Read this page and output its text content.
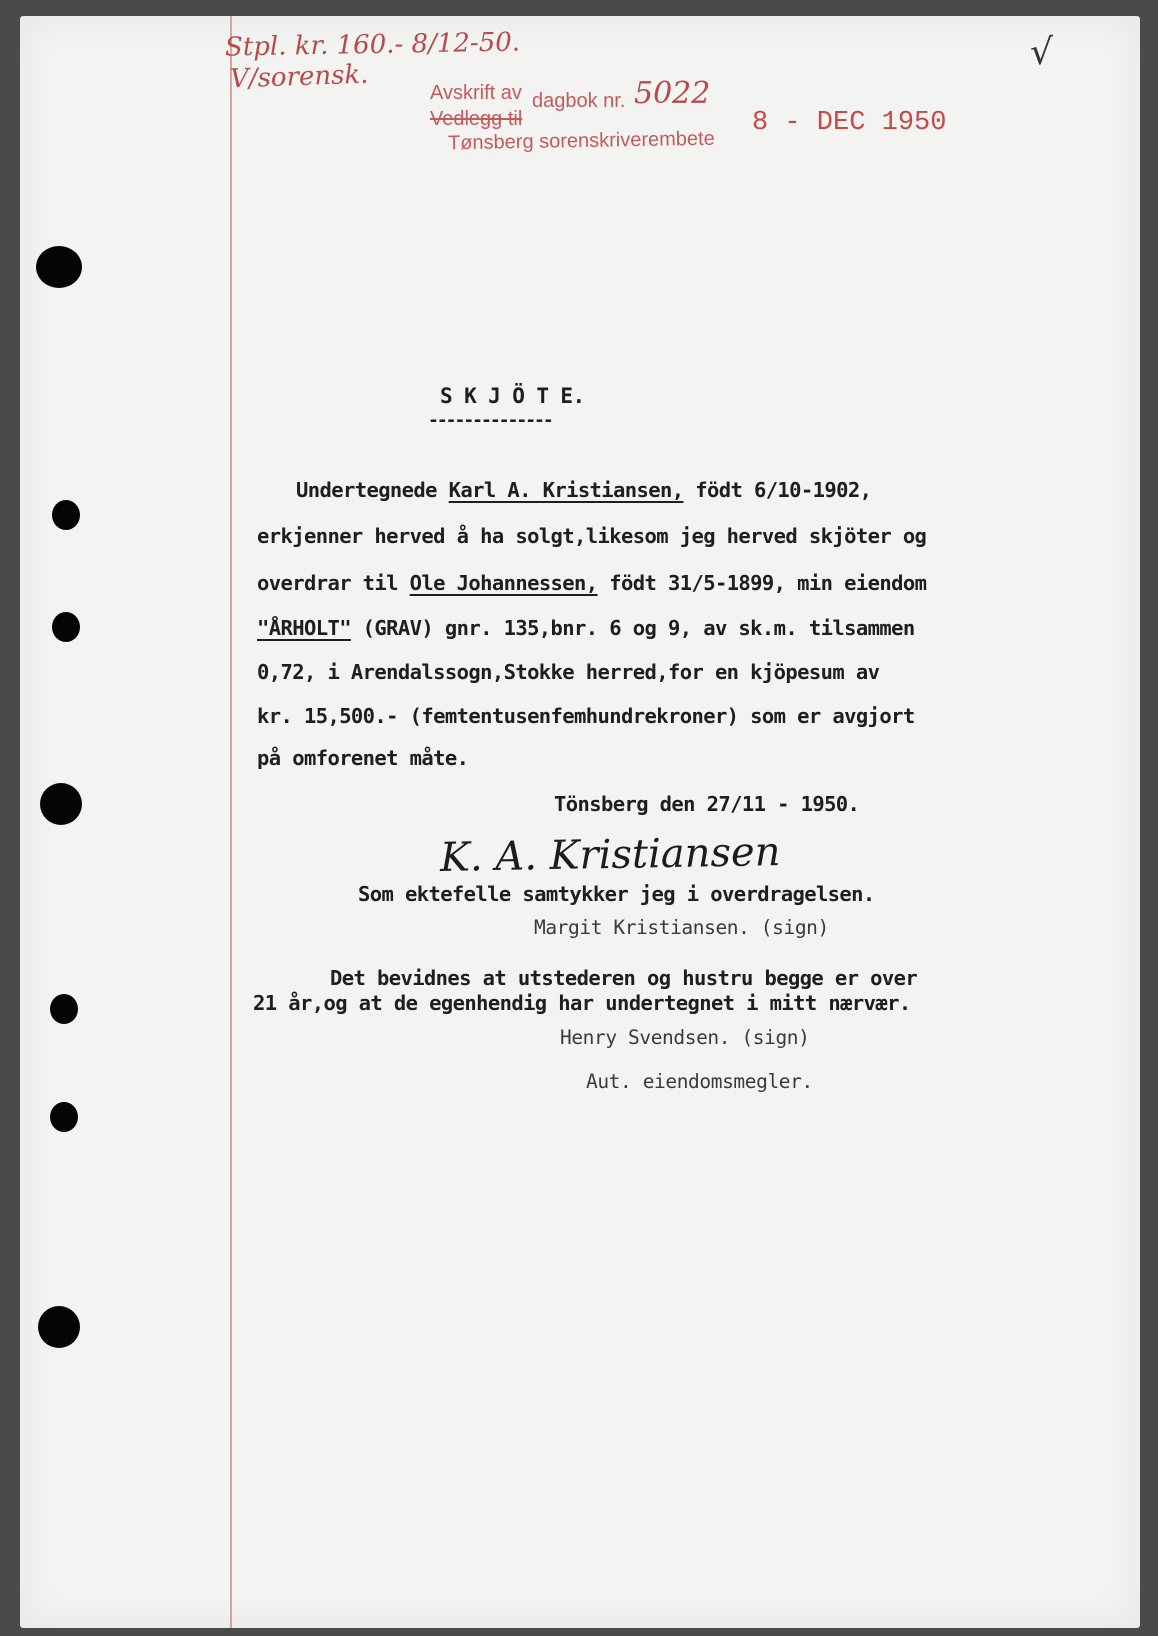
Stpl. kr. 160.- 8/12-50.
V/sorensk.
√
Avskrift av
Vedlegg til
dagbok nr. 5022
Tønsberg sorenskriverembete
8 - DEC 1950
S K J Ö T E.
--------------
Undertegnede Karl A. Kristiansen, födt 6/10-1902,
erkjenner herved å ha solgt,likesom jeg herved skjöter og
overdrar til Ole Johannessen, födt 31/5-1899, min eiendom
"ÅRHOLT" (GRAV) gnr. 135,bnr. 6 og 9, av sk.m. tilsammen
0,72, i Arendalssogn,Stokke herred,for en kjöpesum av
kr. 15,500.- (femtentusenfemhundrekroner) som er avgjort
på omforenet måte.
Tönsberg den 27/11 - 1950.
K. A. Kristiansen
Som ektefelle samtykker jeg i overdragelsen.
Margit Kristiansen. (sign)
Det bevidnes at utstederen og hustru begge er over
21 år,og at de egenhendig har undertegnet i mitt nærvær.
Henry Svendsen. (sign)
Aut. eiendomsmegler.
